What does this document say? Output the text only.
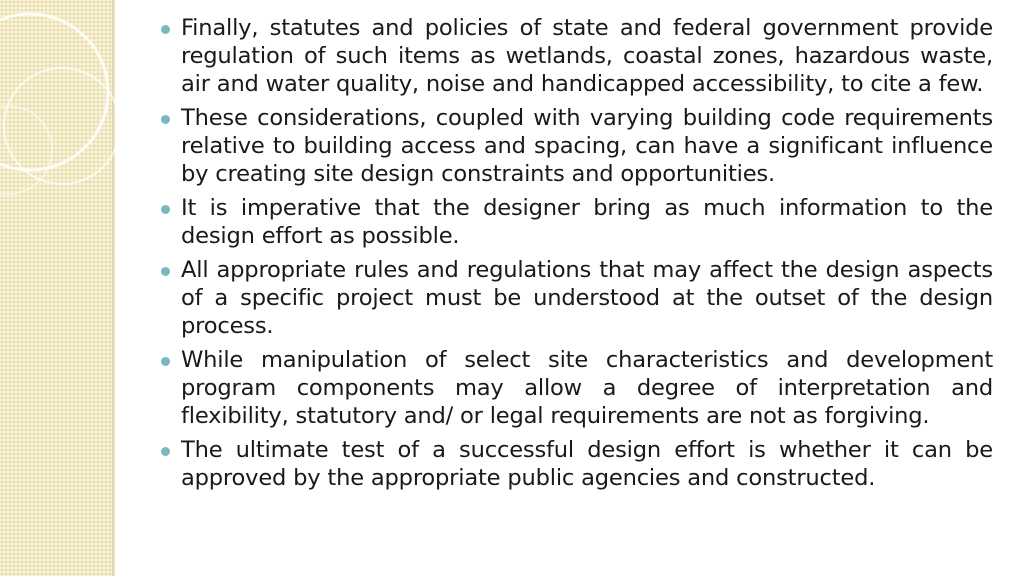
Finally, statutes and policies of state and federal government provide regulation of such items as wetlands, coastal zones, hazardous waste, air and water quality, noise and handicapped accessibility, to cite a few.
These considerations, coupled with varying building code requirements relative to building access and spacing, can have a significant influence by creating site design constraints and opportunities.
It is imperative that the designer bring as much information to the design effort as possible.
All appropriate rules and regulations that may affect the design aspects of a specific project must be understood at the outset of the design process.
While manipulation of select site characteristics and development program components may allow a degree of interpretation and flexibility, statutory and/ or legal requirements are not as forgiving.
The ultimate test of a successful design effort is whether it can be approved by the appropriate public agencies and constructed.
